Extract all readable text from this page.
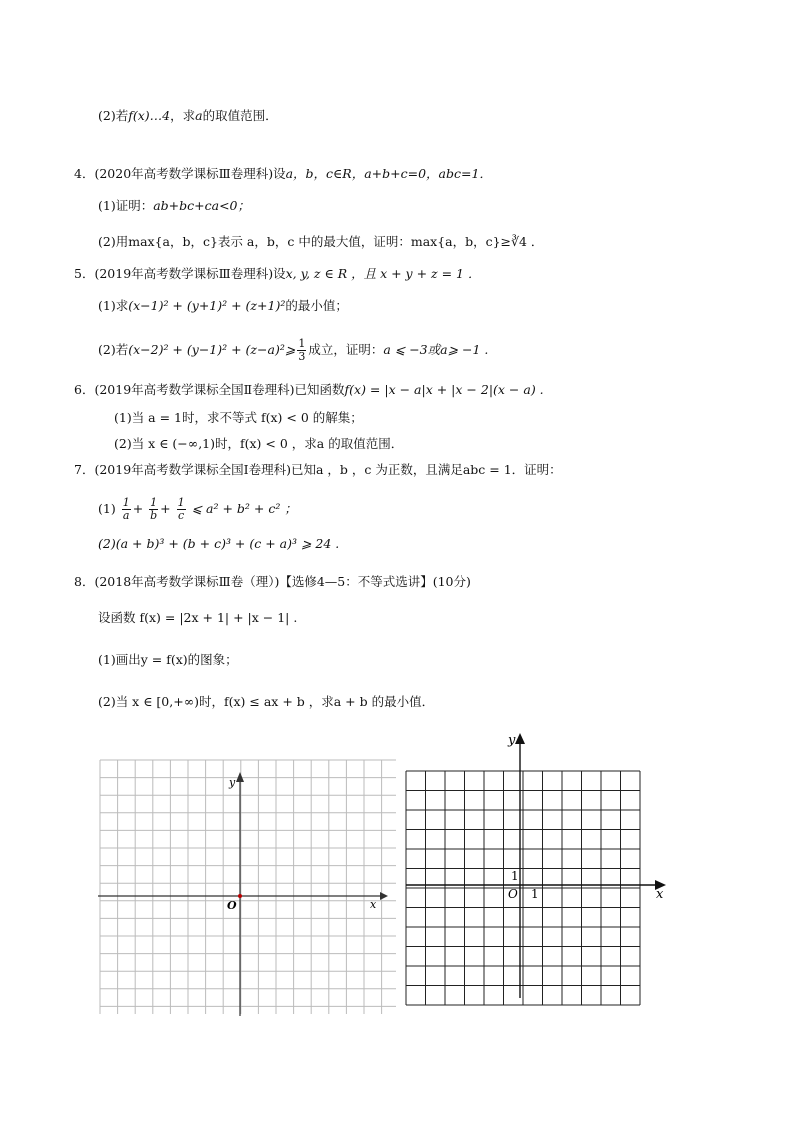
(2)若f(x)…4，求a的取值范围．
4．(2020年高考数学课标Ⅲ卷理科)设a，b，c∈R，a+b+c=0，abc=1．
(1)证明：ab+bc+ca<0；
(2)用max{a，b，c}表示 a，b，c 中的最大值，证明：max{a，b，c}≥∛4 ．
5．(2019年高考数学课标Ⅲ卷理科)设x, y, z ∈ R ，且 x + y + z = 1 ．
(1)求(x−1)² + (y+1)² + (z+1)²的最小值；
(2)若(x−2)² + (y−1)² + (z−a)²⩾ $\frac{1}{3}$ 成立，证明：a ⩽ −3或a⩾ −1 .
6．(2019年高考数学课标全国Ⅱ卷理科)已知函数f(x) = |x − a|x + |x − 2|(x − a) .
(1)当 a = 1时，求不等式 f(x) < 0 的解集；
(2)当 x ∈ (−∞,1)时，f(x) < 0 ，求a 的取值范围．
7．(2019年高考数学课标全国Ⅰ卷理科)已知a ，b ，c 为正数，且满足abc = 1．证明：
$(1) \frac{1}{a} + \frac{1}{b} + \frac{1}{c}$ ⩽ a² + b² + c² ；
(2)(a + b)³ + (b + c)³ + (c + a)³ ⩾ 24 .
8．(2018年高考数学课标Ⅲ卷（理）)【选修4—5：不等式选讲】(10分)
设函数 f(x) = |2x + 1| + |x − 1| .
(1)画出y = f(x)的图象；
(2)当 x ∈ [0,+∞)时，f(x) ≤ ax + b ，求a + b 的最小值．
y
x
O
y
x
O
1
1
